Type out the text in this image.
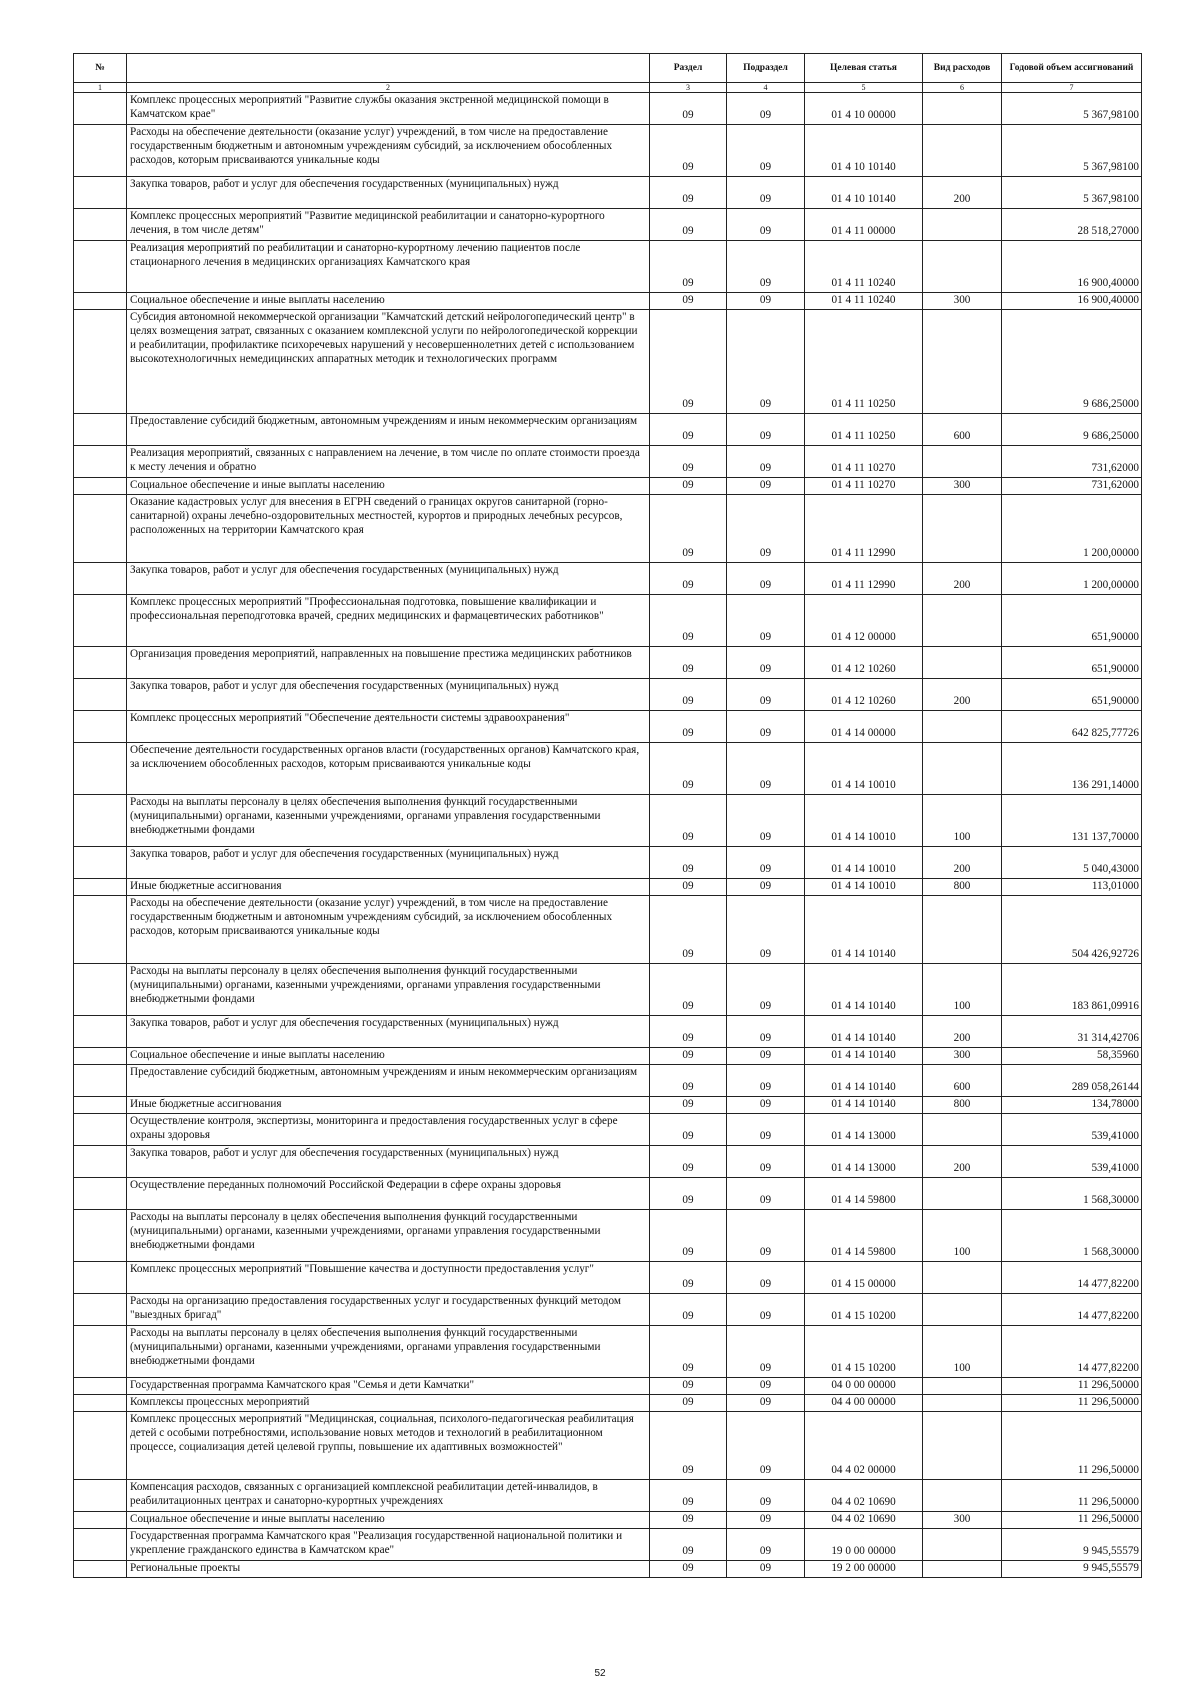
№		Раздел	Подраздел	Целевая статья	Вид расходов	Годовой объем ассигнований
1	2	3	4	5	6	7
	Комплекс процессных мероприятий "Развитие службы оказания экстренной медицинской помощи в Камчатском крае"	09	09	01 4 10 00000		5 367,98100
	Расходы на обеспечение деятельности (оказание услуг) учреждений, в том числе на предоставление государственным бюджетным и автономным учреждениям субсидий, за исключением обособленных расходов, которым присваиваются уникальные коды	09	09	01 4 10 10140		5 367,98100
	Закупка товаров, работ и услуг для обеспечения государственных (муниципальных) нужд	09	09	01 4 10 10140	200	5 367,98100
	Комплекс процессных мероприятий "Развитие медицинской реабилитации и санаторно-курортного лечения, в том числе детям"	09	09	01 4 11 00000		28 518,27000
	Реализация мероприятий по реабилитации и санаторно-курортному лечению пациентов после стационарного лечения в медицинских организациях Камчатского края	09	09	01 4 11 10240		16 900,40000
	Социальное обеспечение и иные выплаты населению	09	09	01 4 11 10240	300	16 900,40000
	Субсидия автономной некоммерческой организации "Камчатский детский нейрологопедический центр" в целях возмещения затрат, связанных с оказанием комплексной услуги по нейрологопедической коррекции и реабилитации, профилактике психоречевых нарушений у несовершеннолетних детей с использованием высокотехнологичных немедицинских аппаратных методик и технологических программ	09	09	01 4 11 10250		9 686,25000
	Предоставление субсидий бюджетным, автономным учреждениям и иным некоммерческим организациям	09	09	01 4 11 10250	600	9 686,25000
	Реализация мероприятий, связанных с направлением на лечение, в том числе по оплате стоимости проезда к месту лечения и обратно	09	09	01 4 11 10270		731,62000
	Социальное обеспечение и иные выплаты населению	09	09	01 4 11 10270	300	731,62000
	Оказание кадастровых услуг для внесения в ЕГРН сведений о границах округов санитарной (горно-санитарной) охраны лечебно-оздоровительных местностей, курортов и природных лечебных ресурсов, расположенных на территории Камчатского края	09	09	01 4 11 12990		1 200,00000
	Закупка товаров, работ и услуг для обеспечения государственных (муниципальных) нужд	09	09	01 4 11 12990	200	1 200,00000
	Комплекс процессных мероприятий "Профессиональная подготовка, повышение квалификации и профессиональная переподготовка врачей, средних медицинских и фармацевтических работников"	09	09	01 4 12 00000		651,90000
	Организация проведения мероприятий, направленных на повышение престижа медицинских работников	09	09	01 4 12 10260		651,90000
	Закупка товаров, работ и услуг для обеспечения государственных (муниципальных) нужд	09	09	01 4 12 10260	200	651,90000
	Комплекс процессных мероприятий "Обеспечение деятельности системы здравоохранения"	09	09	01 4 14 00000		642 825,77726
	Обеспечение деятельности государственных органов власти (государственных органов) Камчатского края, за исключением обособленных расходов, которым присваиваются уникальные коды	09	09	01 4 14 10010		136 291,14000
	Расходы на выплаты персоналу в целях обеспечения выполнения функций государственными (муниципальными) органами, казенными учреждениями, органами управления государственными внебюджетными фондами	09	09	01 4 14 10010	100	131 137,70000
	Закупка товаров, работ и услуг для обеспечения государственных (муниципальных) нужд	09	09	01 4 14 10010	200	5 040,43000
	Иные бюджетные ассигнования	09	09	01 4 14 10010	800	113,01000
	Расходы на обеспечение деятельности (оказание услуг) учреждений, в том числе на предоставление государственным бюджетным и автономным учреждениям субсидий, за исключением обособленных расходов, которым присваиваются уникальные коды	09	09	01 4 14 10140		504 426,92726
	Расходы на выплаты персоналу в целях обеспечения выполнения функций государственными (муниципальными) органами, казенными учреждениями, органами управления государственными внебюджетными фондами	09	09	01 4 14 10140	100	183 861,09916
	Закупка товаров, работ и услуг для обеспечения государственных (муниципальных) нужд	09	09	01 4 14 10140	200	31 314,42706
	Социальное обеспечение и иные выплаты населению	09	09	01 4 14 10140	300	58,35960
	Предоставление субсидий бюджетным, автономным учреждениям и иным некоммерческим организациям	09	09	01 4 14 10140	600	289 058,26144
	Иные бюджетные ассигнования	09	09	01 4 14 10140	800	134,78000
	Осуществление контроля, экспертизы, мониторинга и предоставления государственных услуг в сфере охраны здоровья	09	09	01 4 14 13000		539,41000
	Закупка товаров, работ и услуг для обеспечения государственных (муниципальных) нужд	09	09	01 4 14 13000	200	539,41000
	Осуществление переданных полномочий Российской Федерации в сфере охраны здоровья	09	09	01 4 14 59800		1 568,30000
	Расходы на выплаты персоналу в целях обеспечения выполнения функций государственными (муниципальными) органами, казенными учреждениями, органами управления государственными внебюджетными фондами	09	09	01 4 14 59800	100	1 568,30000
	Комплекс процессных мероприятий "Повышение качества и доступности предоставления услуг"	09	09	01 4 15 00000		14 477,82200
	Расходы на организацию предоставления государственных услуг и государственных функций методом "выездных бригад"	09	09	01 4 15 10200		14 477,82200
	Расходы на выплаты персоналу в целях обеспечения выполнения функций государственными (муниципальными) органами, казенными учреждениями, органами управления государственными внебюджетными фондами	09	09	01 4 15 10200	100	14 477,82200
	Государственная программа Камчатского края "Семья и дети Камчатки"	09	09	04 0 00 00000		11 296,50000
	Комплексы процессных мероприятий	09	09	04 4 00 00000		11 296,50000
	Комплекс процессных мероприятий "Медицинская, социальная, психолого-педагогическая реабилитация детей с особыми потребностями, использование новых методов и технологий в реабилитационном процессе, социализация детей целевой группы, повышение их адаптивных возможностей"	09	09	04 4 02 00000		11 296,50000
	Компенсация расходов, связанных с организацией комплексной реабилитации детей-инвалидов, в реабилитационных центрах и санаторно-курортных учреждениях	09	09	04 4 02 10690		11 296,50000
	Социальное обеспечение и иные выплаты населению	09	09	04 4 02 10690	300	11 296,50000
	Государственная программа Камчатского края "Реализация государственной национальной политики и укрепление гражданского единства в Камчатском крае"	09	09	19 0 00 00000		9 945,55579
	Региональные проекты	09	09	19 2 00 00000		9 945,55579
52
